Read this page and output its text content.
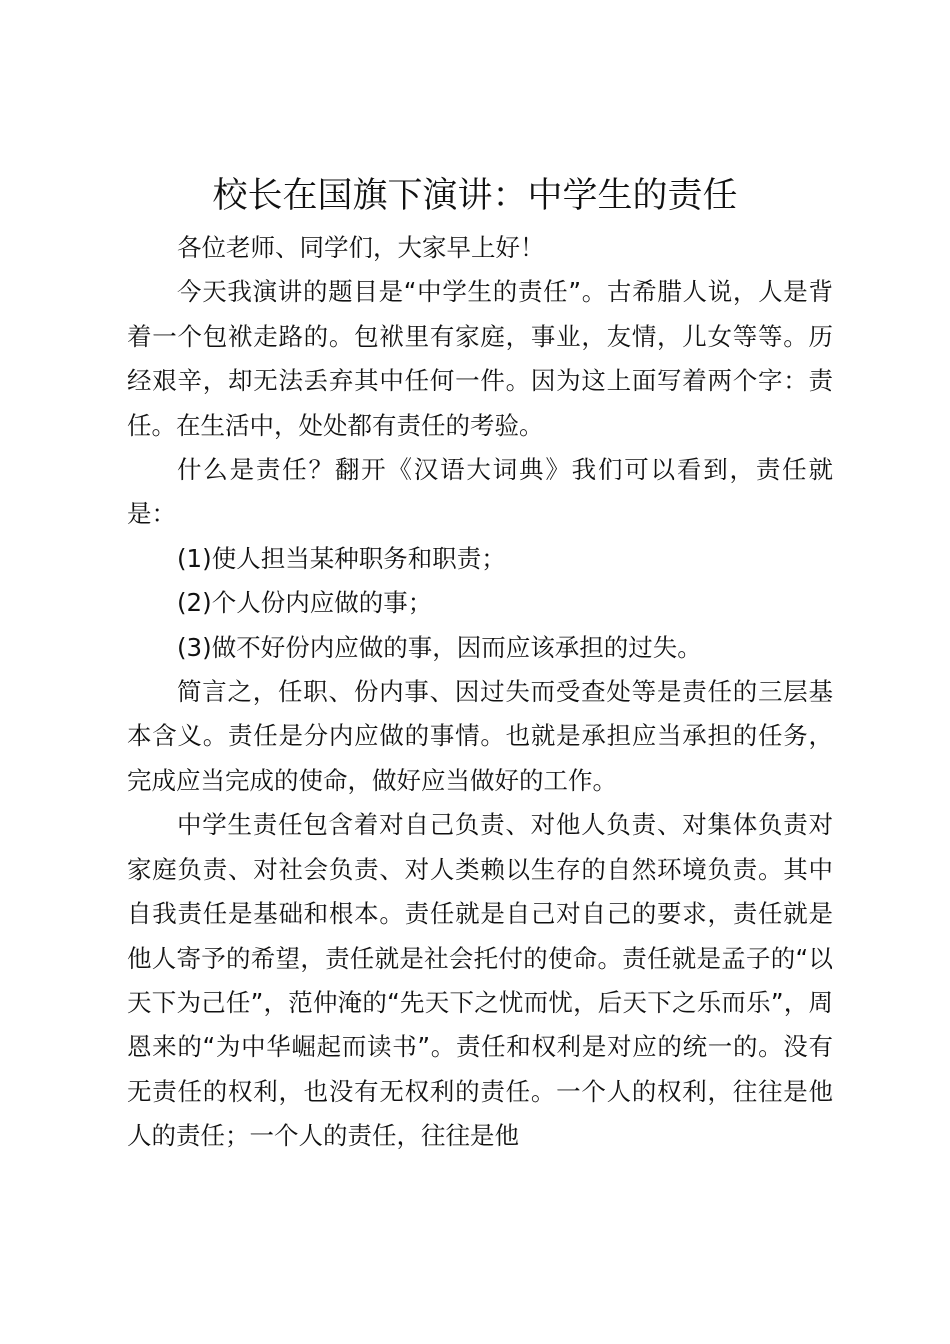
校长在国旗下演讲：中学生的责任

各位老师、同学们，大家早上好！

今天我演讲的题目是“中学生的责任”。古希腊人说，人是背着一个包袱走路的。包袱里有家庭，事业，友情，儿女等等。历经艰辛，却无法丢弃其中任何一件。因为这上面写着两个字：责任。在生活中，处处都有责任的考验。

什么是责任？翻开《汉语大词典》我们可以看到，责任就是：

(1)使人担当某种职务和职责；

(2)个人份内应做的事；

(3)做不好份内应做的事，因而应该承担的过失。

简言之，任职、份内事、因过失而受查处等是责任的三层基本含义。责任是分内应做的事情。也就是承担应当承担的任务，完成应当完成的使命，做好应当做好的工作。

中学生责任包含着对自己负责、对他人负责、对集体负责对家庭负责、对社会负责、对人类赖以生存的自然环境负责。其中自我责任是基础和根本。责任就是自己对自己的要求，责任就是他人寄予的希望，责任就是社会托付的使命。责任就是孟子的“以天下为己任”，范仲淹的“先天下之忧而忧，后天下之乐而乐”，周恩来的“为中华崛起而读书”。责任和权利是对应的统一的。没有无责任的权利，也没有无权利的责任。一个人的权利，往往是他人的责任；一个人的责任，往往是他
